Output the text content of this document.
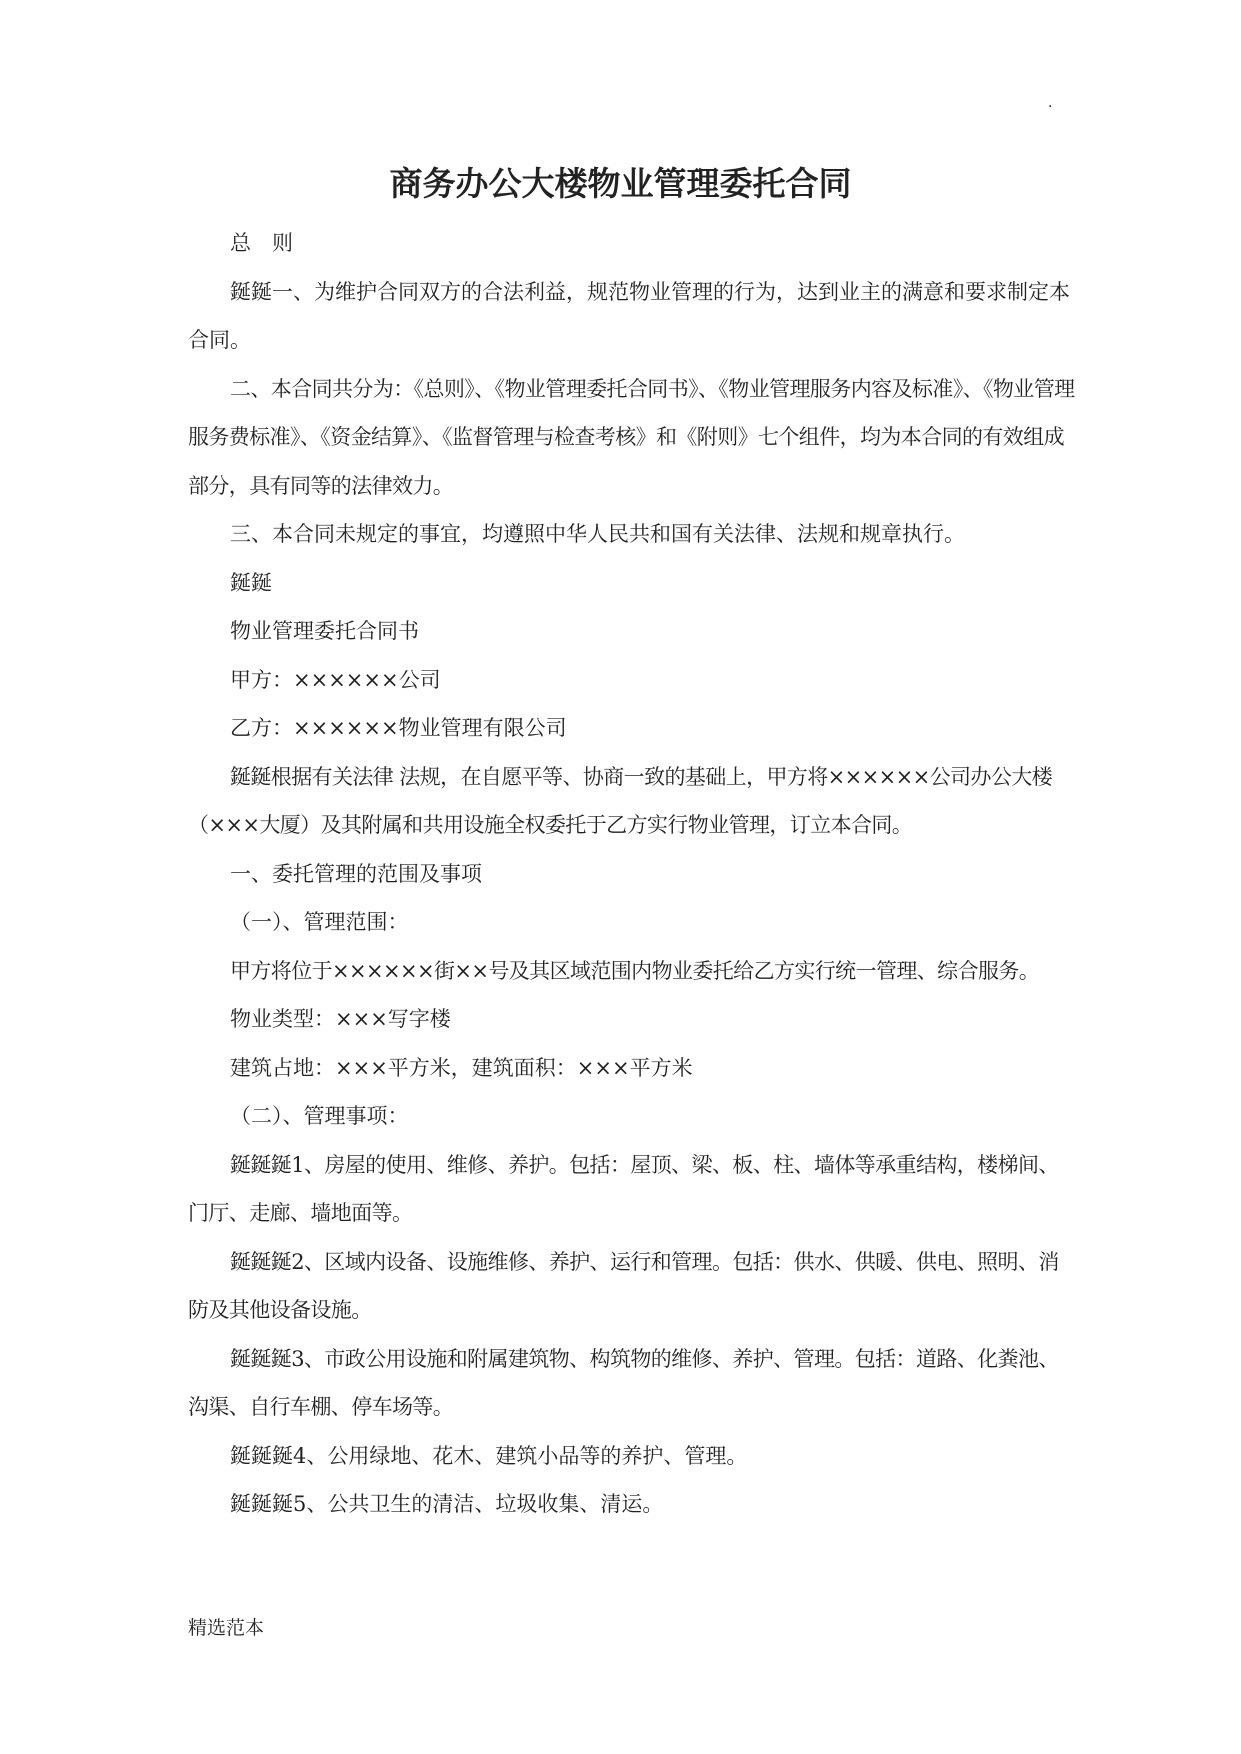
.
商务办公大楼物业管理委托合同

总　则

鋋鋋一、为维护合同双方的合法利益，规范物业管理的行为，达到业主的满意和要求制定本合同。

二、本合同共分为：《总则》、《物业管理委托合同书》、《物业管理服务内容及标准》、《物业管理服务费标准》、《资金结算》、《监督管理与检查考核》和《附则》七个组件，均为本合同的有效组成部分，具有同等的法律效力。

三、本合同未规定的事宜，均遵照中华人民共和国有关法律、法规和规章执行。

鋋鋋

物业管理委托合同书

甲方：××××××公司

乙方：××××××物业管理有限公司

鋋鋋根据有关法律 法规，在自愿平等、协商一致的基础上，甲方将××××××公司办公大楼（×××大厦）及其附属和共用设施全权委托于乙方实行物业管理，订立本合同。

一、委托管理的范围及事项

（一）、管理范围：

甲方将位于××××××街××号及其区域范围内物业委托给乙方实行统一管理、综合服务。

物业类型：×××写字楼

建筑占地：×××平方米，建筑面积：×××平方米

（二）、管理事项：

鋋鋋鋋1、房屋的使用、维修、养护。包括：屋顶、梁、板、柱、墙体等承重结构，楼梯间、门厅、走廊、墙地面等。

鋋鋋鋋2、区域内设备、设施维修、养护、运行和管理。包括：供水、供暖、供电、照明、消防及其他设备设施。

鋋鋋鋋3、市政公用设施和附属建筑物、构筑物的维修、养护、管理。包括：道路、化粪池、沟渠、自行车棚、停车场等。

鋋鋋鋋4、公用绿地、花木、建筑小品等的养护、管理。

鋋鋋鋋5、公共卫生的清洁、垃圾收集、清运。

精选范本
